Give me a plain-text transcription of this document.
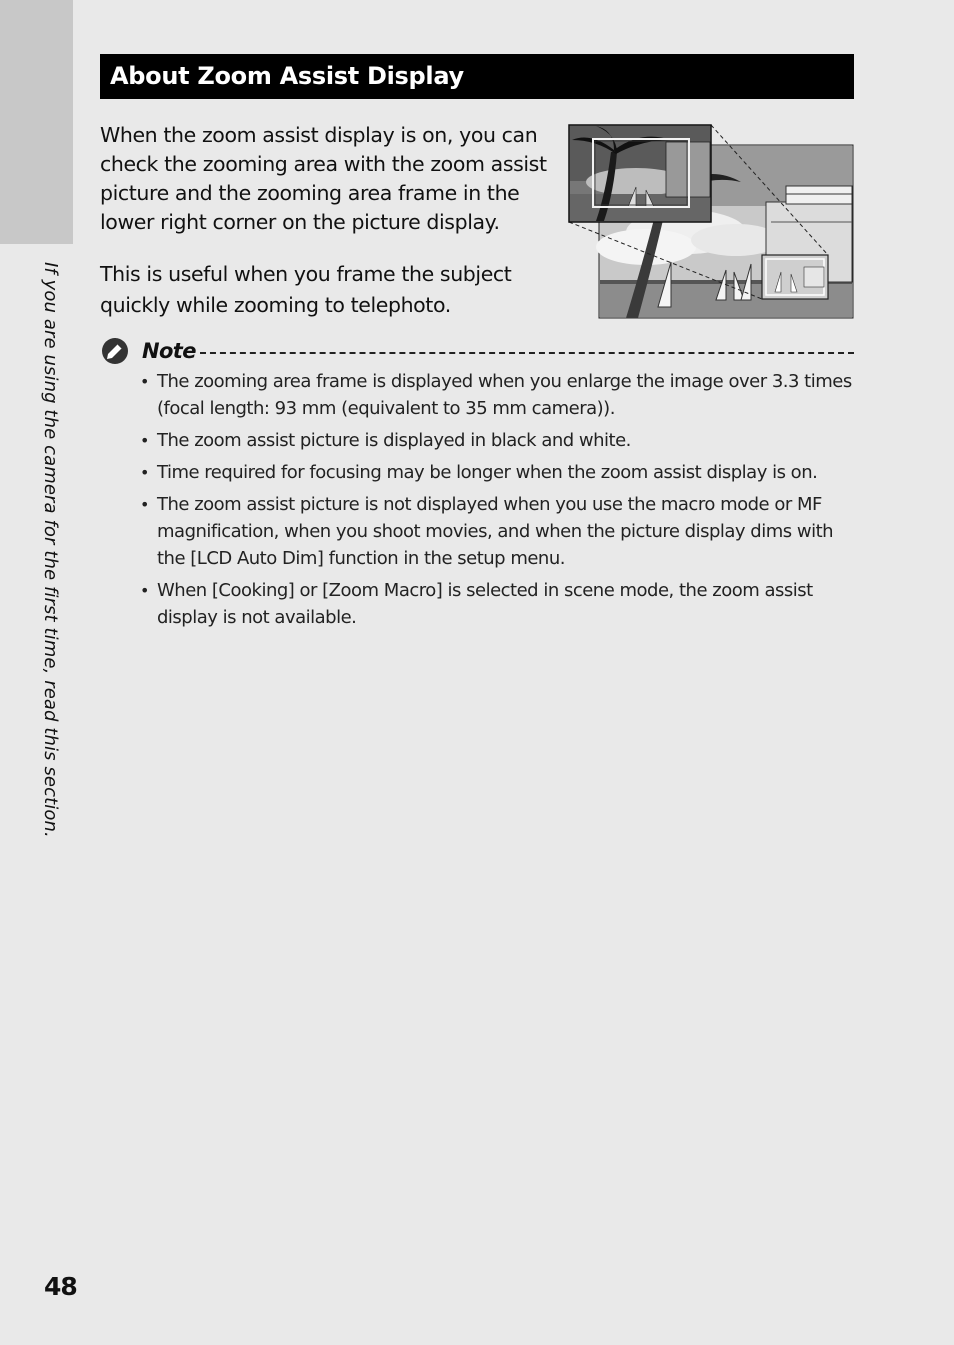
If you are using the camera for the first time, read this section.
About Zoom Assist Display

When the zoom assist display is on, you can check the zooming area with the zoom assist picture and the zooming area frame in the lower right corner on the picture display.

This is useful when you frame the subject quickly while zooming to telephoto.

Note
• The zooming area frame is displayed when you enlarge the image over 3.3 times (focal length: 93 mm (equivalent to 35 mm camera)).
• The zoom assist picture is displayed in black and white.
• Time required for focusing may be longer when the zoom assist display is on.
• The zoom assist picture is not displayed when you use the macro mode or MF magnification, when you shoot movies, and when the picture display dims with the [LCD Auto Dim] function in the setup menu.
• When [Cooking] or [Zoom Macro] is selected in scene mode, the zoom assist display is not available.
48
